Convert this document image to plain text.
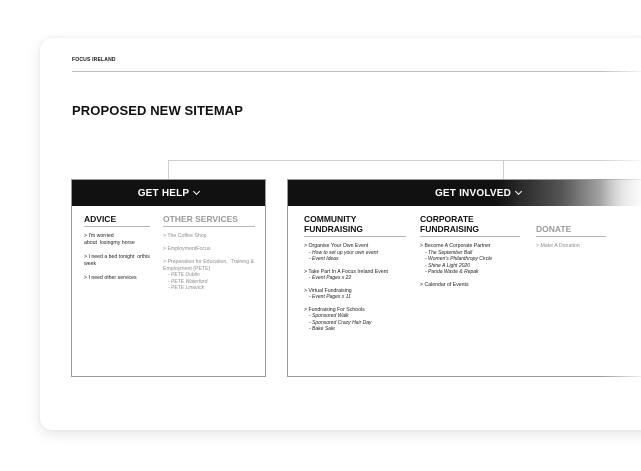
FOCUS IRELAND
PROPOSED NEW SITEMAP
GET HELP
ADVICE
> I'm worried about  losingmy horse
> I need a bed tonight  orthis week
> I need other services
OTHER SERVICES
> The Coffee Shop
> EmploymentFocus
> Preparation for Education,  Training & Employment (PETE)
- PETE Dublin
- PETE Waterford
- PETE Limerick
GET INVOLVED
COMMUNITY
FUNDRAISING
> Organise Your Own Event
- How to set up your own event
- Event Ideas
> Take Part In A Focus Ireland Event
- Event Pages x 22
> Virtual Fundraising
- Event Pages x 11
> Fundraising For Schools
- Sponsored Walk
- Sponsored Crazy Hair Day
- Bake Sale
CORPORATE
FUNDRAISING
> Become A Corporate Partner
- The September Ball
- Women's Philanthropy Circle
- Shine A Light 2020
- Panda Waste & Repak
> Calendar of Events
DONATE
> Make A Donation
